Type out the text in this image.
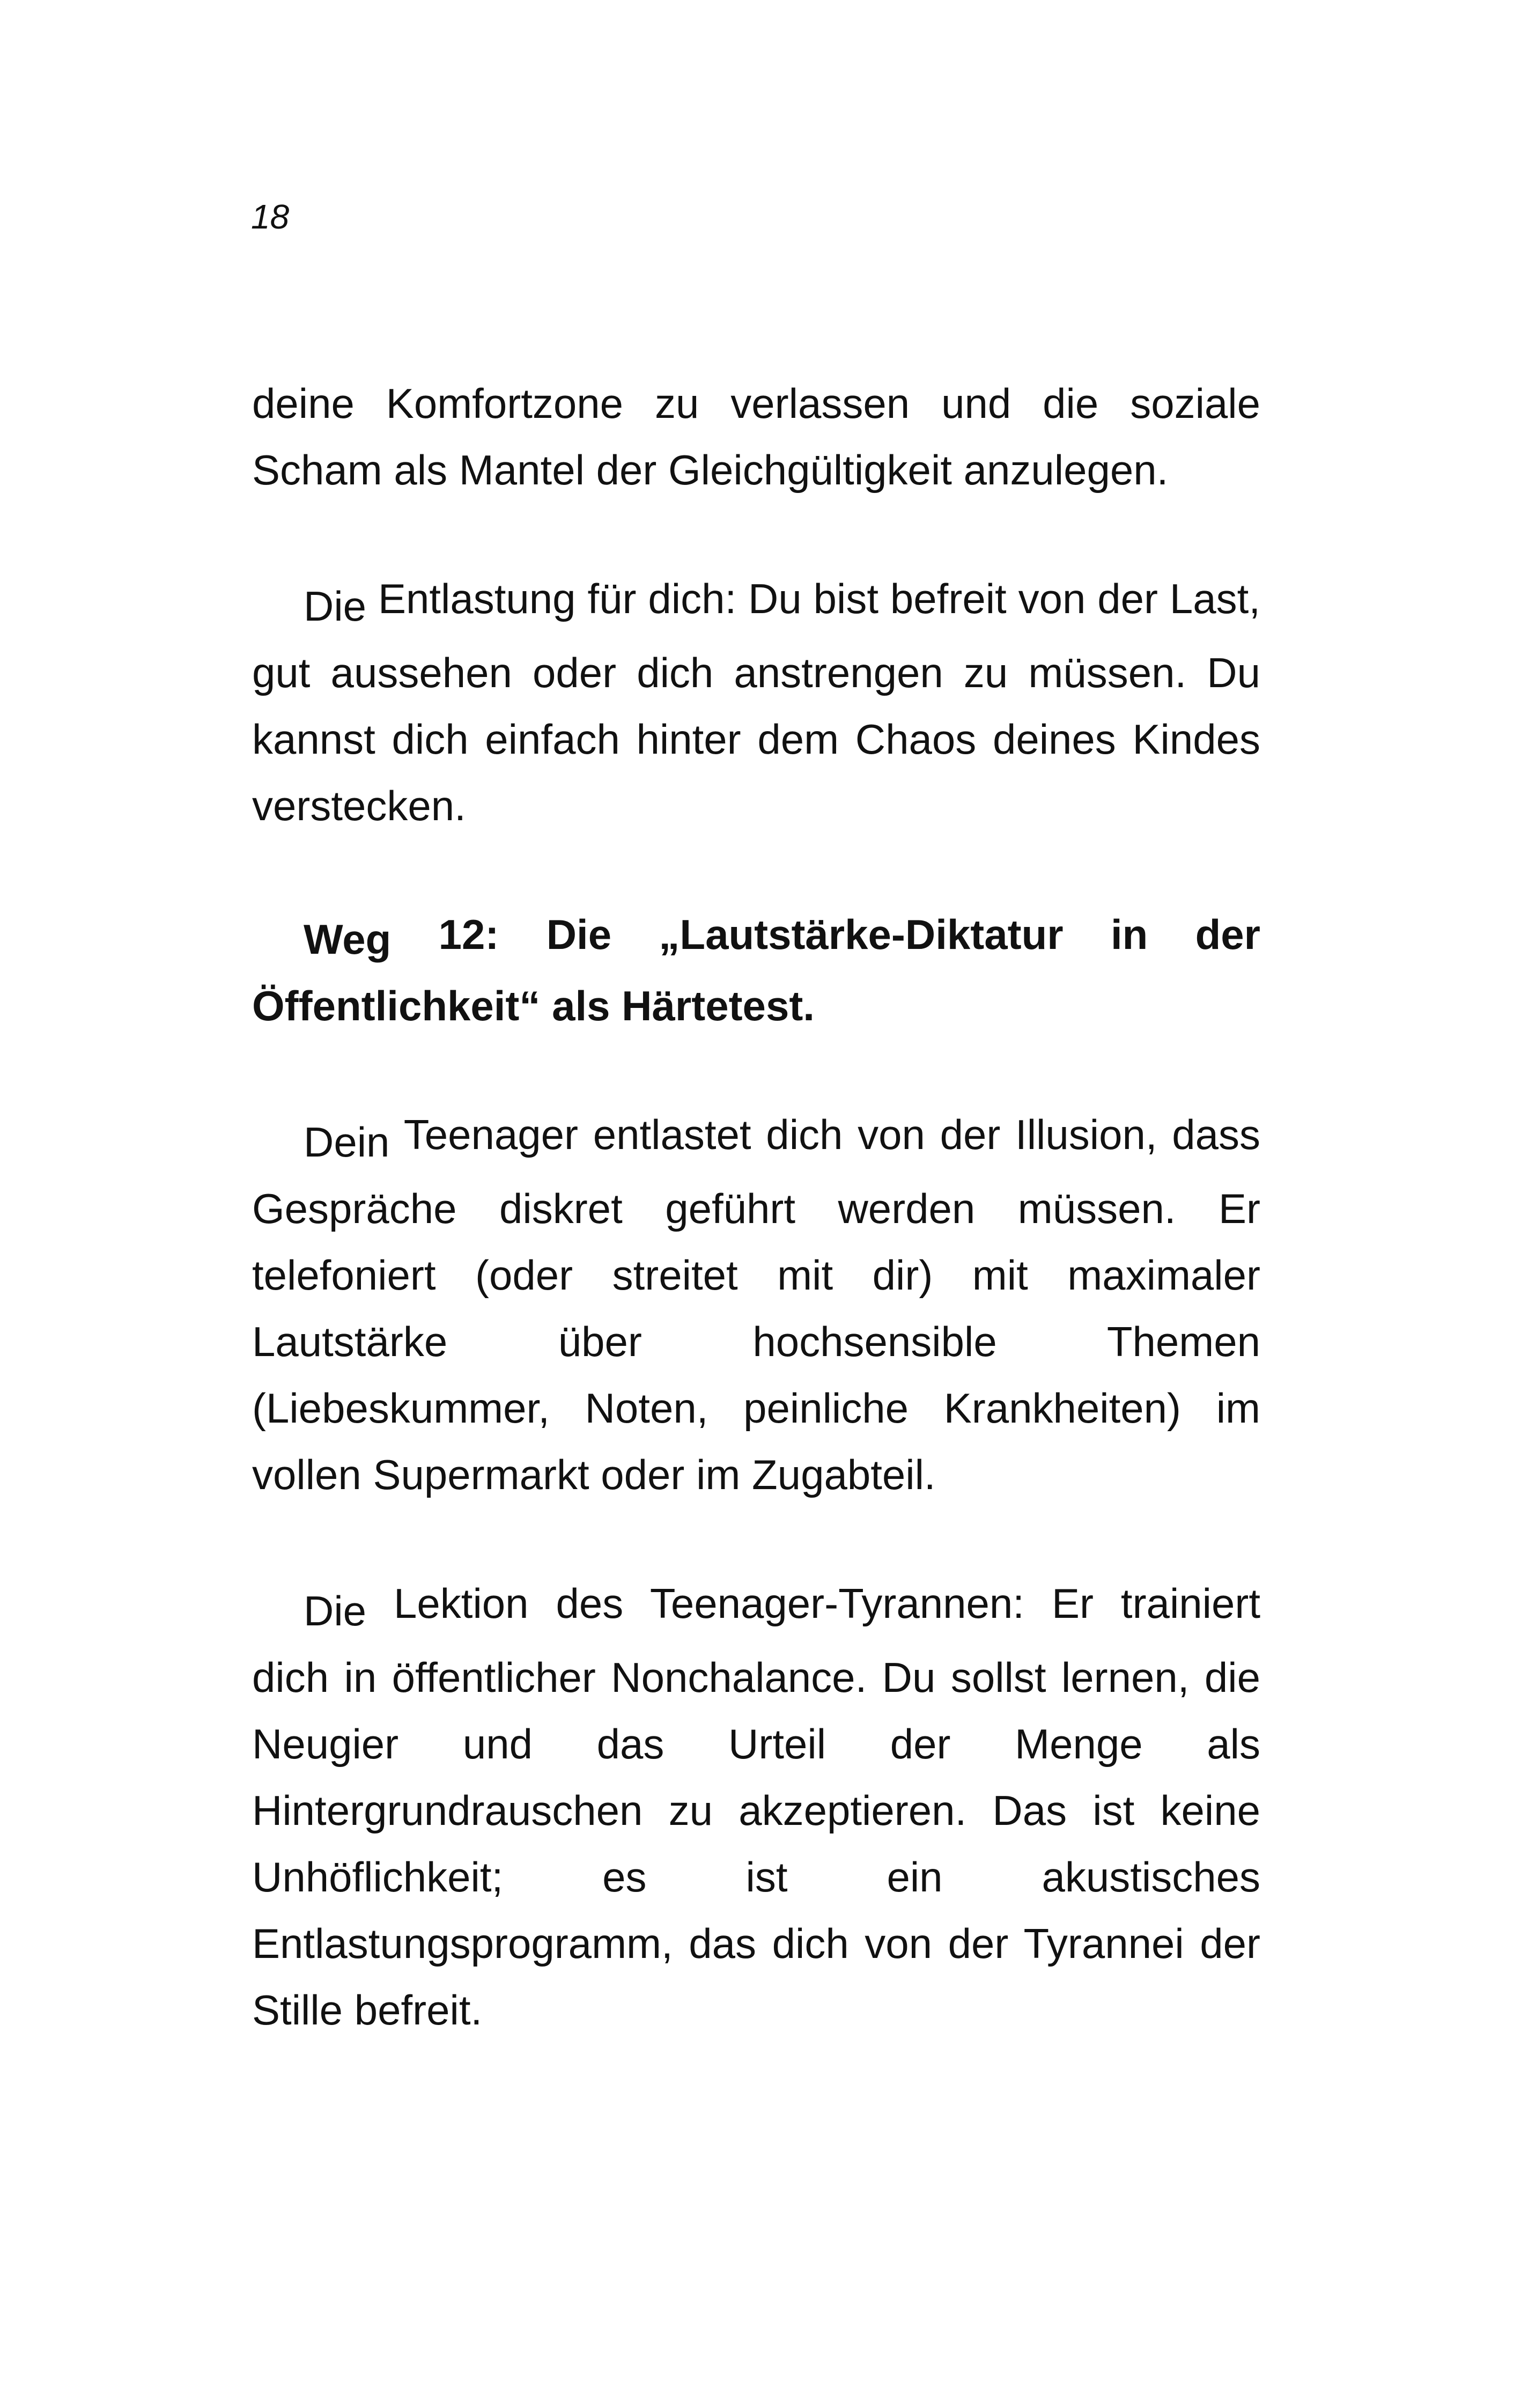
18

deine Komfortzone zu verlassen und die soziale Scham als Mantel der Gleichgültigkeit anzulegen.

Die Entlastung für dich: Du bist befreit von der Last, gut aussehen oder dich anstrengen zu müssen. Du kannst dich einfach hinter dem Chaos deines Kindes verstecken.

Weg 12: Die „Lautstärke-Diktatur in der Öffentlichkeit“ als Härtetest.

Dein Teenager entlastet dich von der Illusion, dass Gespräche diskret geführt werden müssen. Er telefoniert (oder streitet mit dir) mit maximaler Lautstärke über hochsensible Themen (Liebeskummer, Noten, peinliche Krankheiten) im vollen Supermarkt oder im Zugabteil.

Die Lektion des Teenager-Tyrannen: Er trainiert dich in öffentlicher Nonchalance. Du sollst lernen, die Neugier und das Urteil der Menge als Hintergrundrauschen zu akzeptieren. Das ist keine Unhöflichkeit; es ist ein akustisches Entlastungsprogramm, das dich von der Tyrannei der Stille befreit.
